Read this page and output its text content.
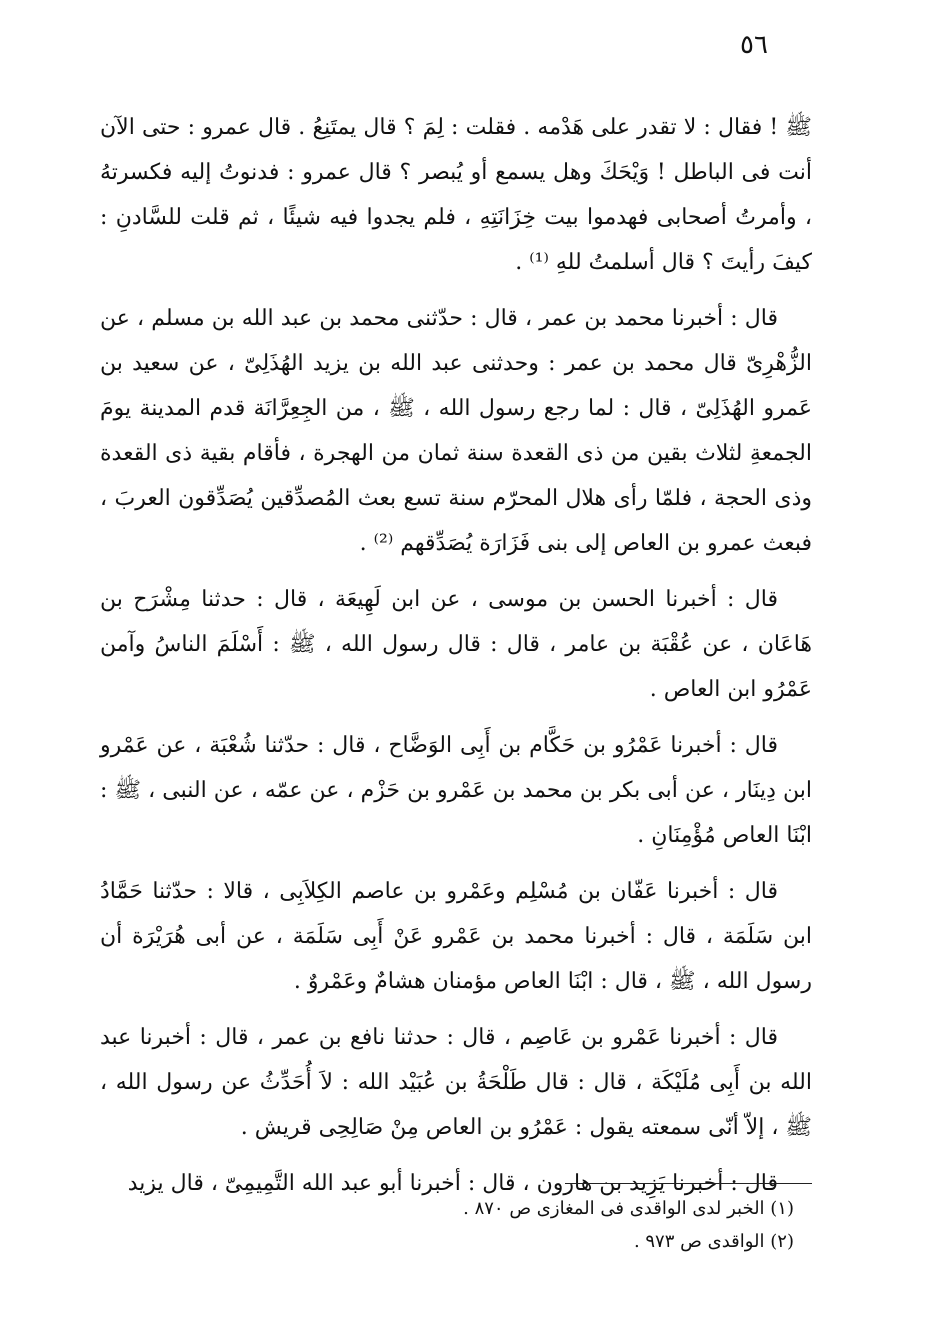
٥٦

ﷺ ! فقال : لا تقدر على هَدْمه . فقلت : لِمَ ؟ قال يمتَنِعُ . قال عمرو : حتى الآن أنت فى الباطل ! وَيْحَكَ وهل يسمع أو يُبصر ؟ قال عمرو : فدنوتُ إليه فكسرتهُ ، وأمرتُ أصحابى فهدموا بيت خِزَانَتِهِ ، فلم يجدوا فيه شيئًا ، ثم قلت للسَّادنِ : كيفَ رأيتَ ؟ قال أسلمتُ للهِ ⁽¹⁾ .

قال : أخبرنا محمد بن عمر ، قال : حدّثنى محمد بن عبد الله بن مسلم ، عن الزُّهْرِىّ قال محمد بن عمر : وحدثنى عبد الله بن يزيد الهُذَلِىّ ، عن سعيد بن عَمرو الهُذَلِىّ ، قال : لما رجع رسول الله ، ﷺ ، من الجِعِرَّانَة قدم المدينة يومَ الجمعةِ لثلاث بقين من ذى القعدة سنة ثمان من الهجرة ، فأقام بقية ذى القعدة وذى الحجة ، فلمّا رأى هلال المحرّم سنة تسع بعث المُصدِّقين يُصَدِّقون العربَ ، فبعث عمرو بن العاص إلى بنى فَزَارَة يُصَدِّقهم ⁽²⁾ .

قال : أخبرنا الحسن بن موسى ، عن ابن لَهِيعَة ، قال : حدثنا مِشْرَح بن هَاعَان ، عن عُقْبَة بن عامر ، قال : قال رسول الله ، ﷺ : أَسْلَمَ الناسُ وآمن عَمْرُو ابن العاص .

قال : أخبرنا عَمْرُو بن حَكَّام بن أَبِى الوَضَّاح ، قال : حدّثنا شُعْبَة ، عن عَمْرو ابن دِينَار ، عن أبى بكر بن محمد بن عَمْرو بن حَزْم ، عن عمّه ، عن النبى ، ﷺ : ابْنَا العاص مُؤْمِنَانِ .

قال : أخبرنا عَفّان بن مُسْلِم وعَمْرو بن عاصم الكِلاَبِى ، قالا : حدّثنا حَمَّادُ ابن سَلَمَة ، قال : أخبرنا محمد بن عَمْرو عَنْ أَبِى سَلَمَة ، عن أبى هُرَيْرَة أن رسول الله ، ﷺ ، قال : ابْنَا العاص مؤمنان هشامٌ وعَمْروٌ .

قال : أخبرنا عَمْرو بن عَاصِم ، قال : حدثنا نافع بن عمر ، قال : أخبرنا عبد الله بن أَبِى مُلَيْكَة ، قال : قال طَلْحَةُ بن عُبَيْد الله : لاَ أُحَدِّثُ عن رسول الله ، ﷺ ، إلاّ أنّى سمعته يقول : عَمْرُو بن العاص مِنْ صَالِحِى قريش .

قال : أخبرنا يَزِيد بن هارون ، قال : أخبرنا أبو عبد الله التَّمِيمِىّ ، قال يزيد

(١) الخبر لدى الواقدى فى المغازى ص ٨٧٠ .

(٢) الواقدى ص ٩٧٣ .
